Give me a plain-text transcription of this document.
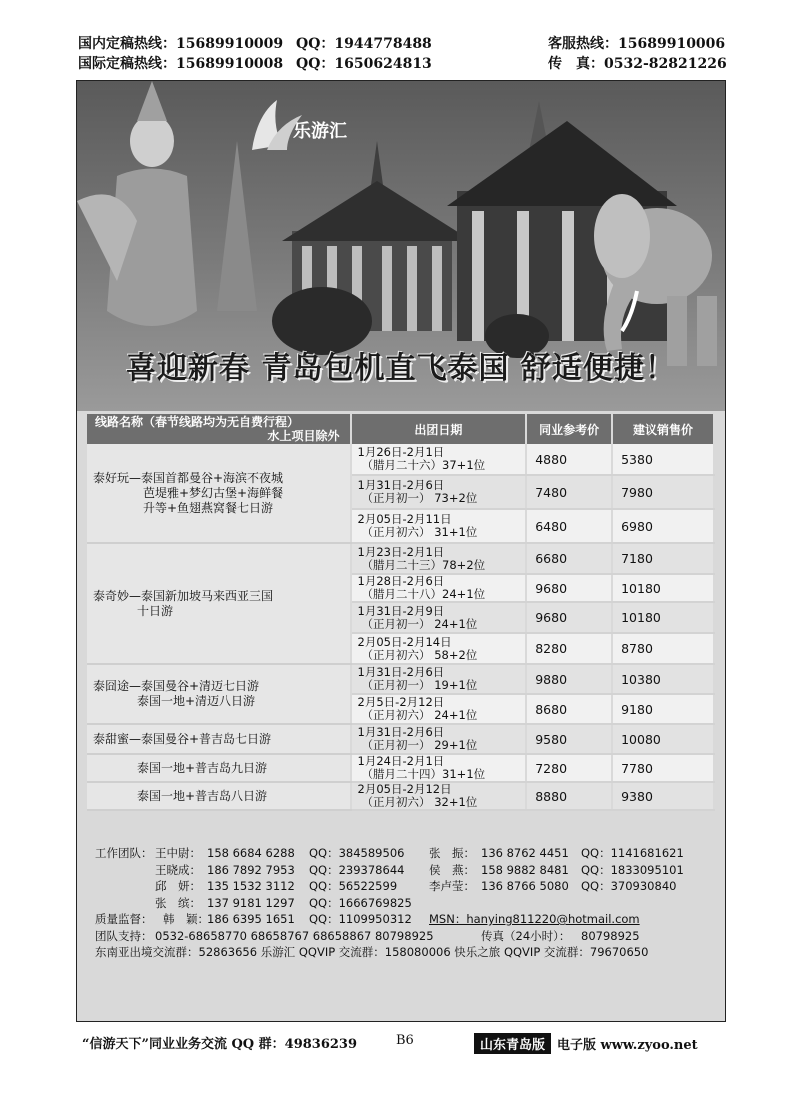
国内定稿热线：15689910009 QQ：1944778488
国际定稿热线：15689910008 QQ：1650624813
客服热线：15689910006
传　真：0532-82821226
乐游汇
喜迎新春 青岛包机直飞泰国 舒适便捷！
线路名称（春节线路均为无自费行程）
水上项目除外	出团日期	同业参考价	建议销售价

泰好玩—泰国首都曼谷+海滨不夜城
芭堤雅+梦幻古堡+海鲜餐
升等+鱼翅燕窝餐七日游	1月26日-2月1日
（腊月二十六）37+1位	4880	5380
	1月31日-2月6日
（正月初一） 73+2位	7480	7980
	2月05日-2月11日
（正月初六） 31+1位	6480	6980

泰奇妙—泰国新加坡马来西亚三国
十日游	1月23日-2月1日
（腊月二十三）78+2位	6680	7180
	1月28日-2月6日
（腊月二十八）24+1位	9680	10180
	1月31日-2月9日
（正月初一） 24+1位	9680	10180
	2月05日-2月14日
（正月初六） 58+2位	8280	8780

泰囧途—泰国曼谷+清迈七日游
泰国一地+清迈八日游	1月31日-2月6日
（正月初一） 19+1位	9880	10380
	2月5日-2月12日
（正月初六） 24+1位	8680	9180

泰甜蜜—泰国曼谷+普吉岛七日游	1月31日-2月6日
（正月初一） 29+1位	9580	10080

泰国一地+普吉岛九日游	1月24日-2月1日
（腊月二十四）31+1位	7280	7780

泰国一地+普吉岛八日游	2月05日-2月12日
（正月初六） 32+1位	8880	9380
工作团队： 王中尉： 158 6684 6288 QQ：384589506 张　振： 136 8762 4451 QQ：1141681621
王晓成： 186 7892 7953 QQ：239378644 侯　燕： 158 9882 8481 QQ：1833095101
邱　妍： 135 1532 3112 QQ：56522599	李卢莹： 136 8766 5080 QQ：370930840
张　缤： 137 9181 1297 QQ：1666769825
质量监督： 韩　颖：
186 6395 1651 QQ：1109950312 MSN：hanying811220@hotmail.com
团队支持： 0532-68658770 68658767 68658867 80798925	传真（24小时）： 80798925
东南亚出境交流群：52863656 乐游汇 QQVIP 交流群：158080006 快乐之旅 QQVIP 交流群：79670650
“信游天下”同业业务交流 QQ 群：49836239	B6	山东青岛版 电子版 www.zyoo.net
